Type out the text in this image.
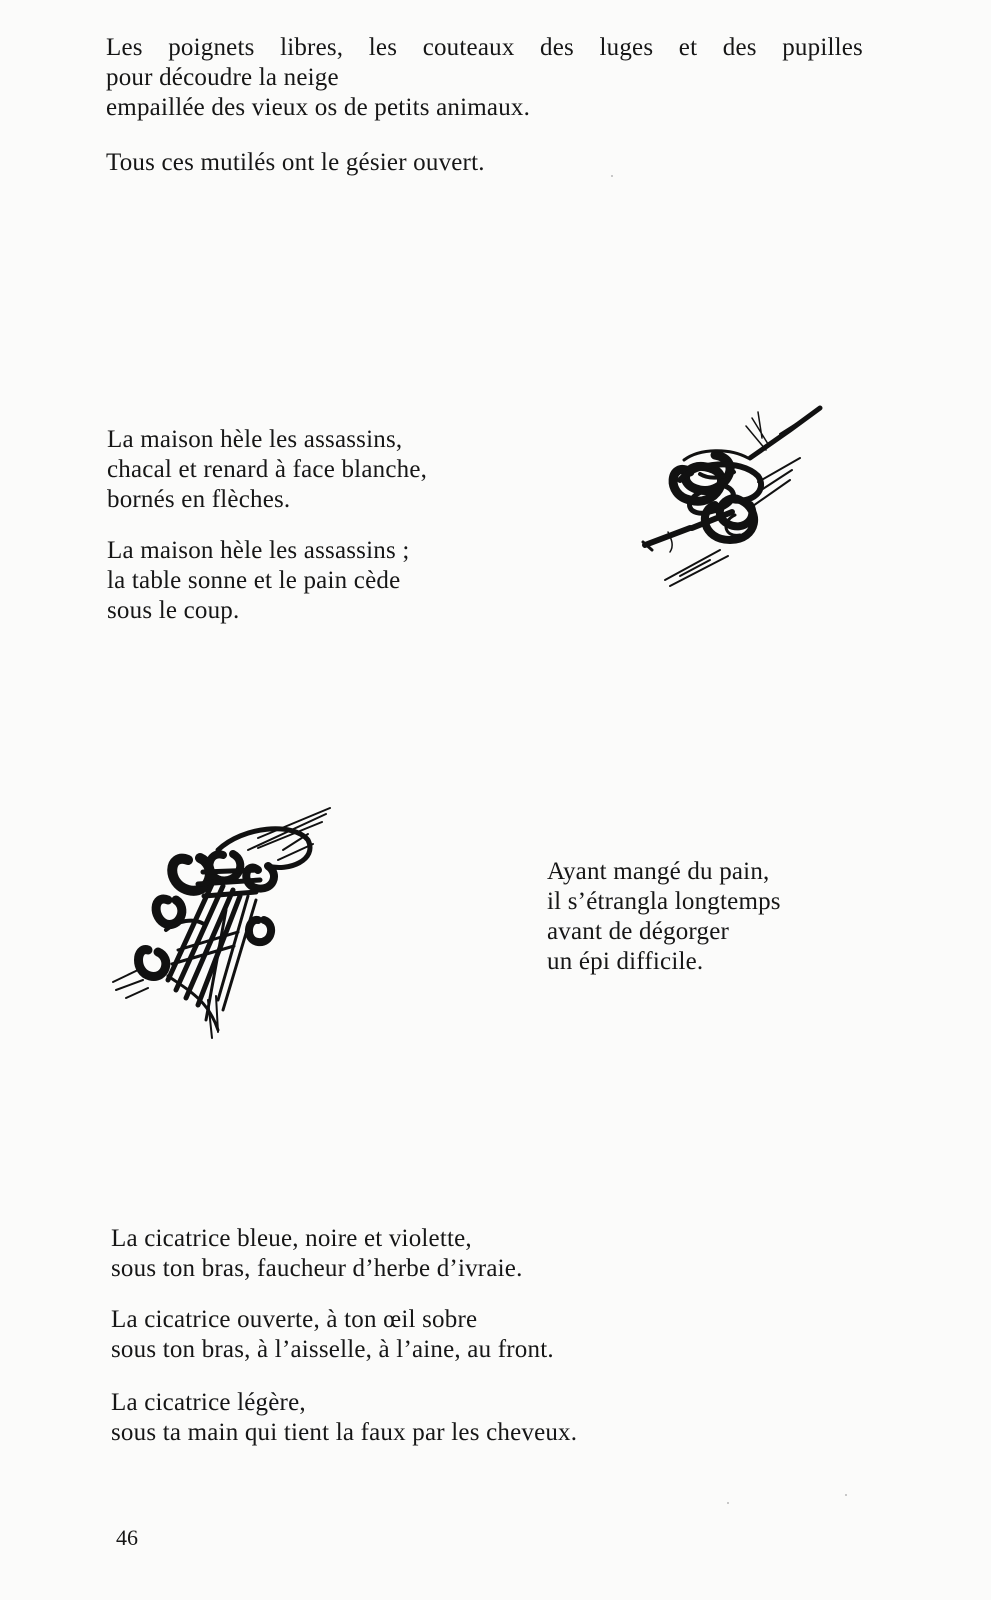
Les poignets libres, les couteaux des luges et des pupilles
pour découdre la neige
empaillée des vieux os de petits animaux.
Tous ces mutilés ont le gésier ouvert.
La maison hèle les assassins,
chacal et renard à face blanche,
bornés en flèches.
La maison hèle les assassins ;
la table sonne et le pain cède
sous le coup.
Ayant mangé du pain,
il s’étrangla longtemps
avant de dégorger
un épi difficile.
La cicatrice bleue, noire et violette,
sous ton bras, faucheur d’herbe d’ivraie.
La cicatrice ouverte, à ton œil sobre
sous ton bras, à l’aisselle, à l’aine, au front.
La cicatrice légère,
sous ta main qui tient la faux par les cheveux.
46
